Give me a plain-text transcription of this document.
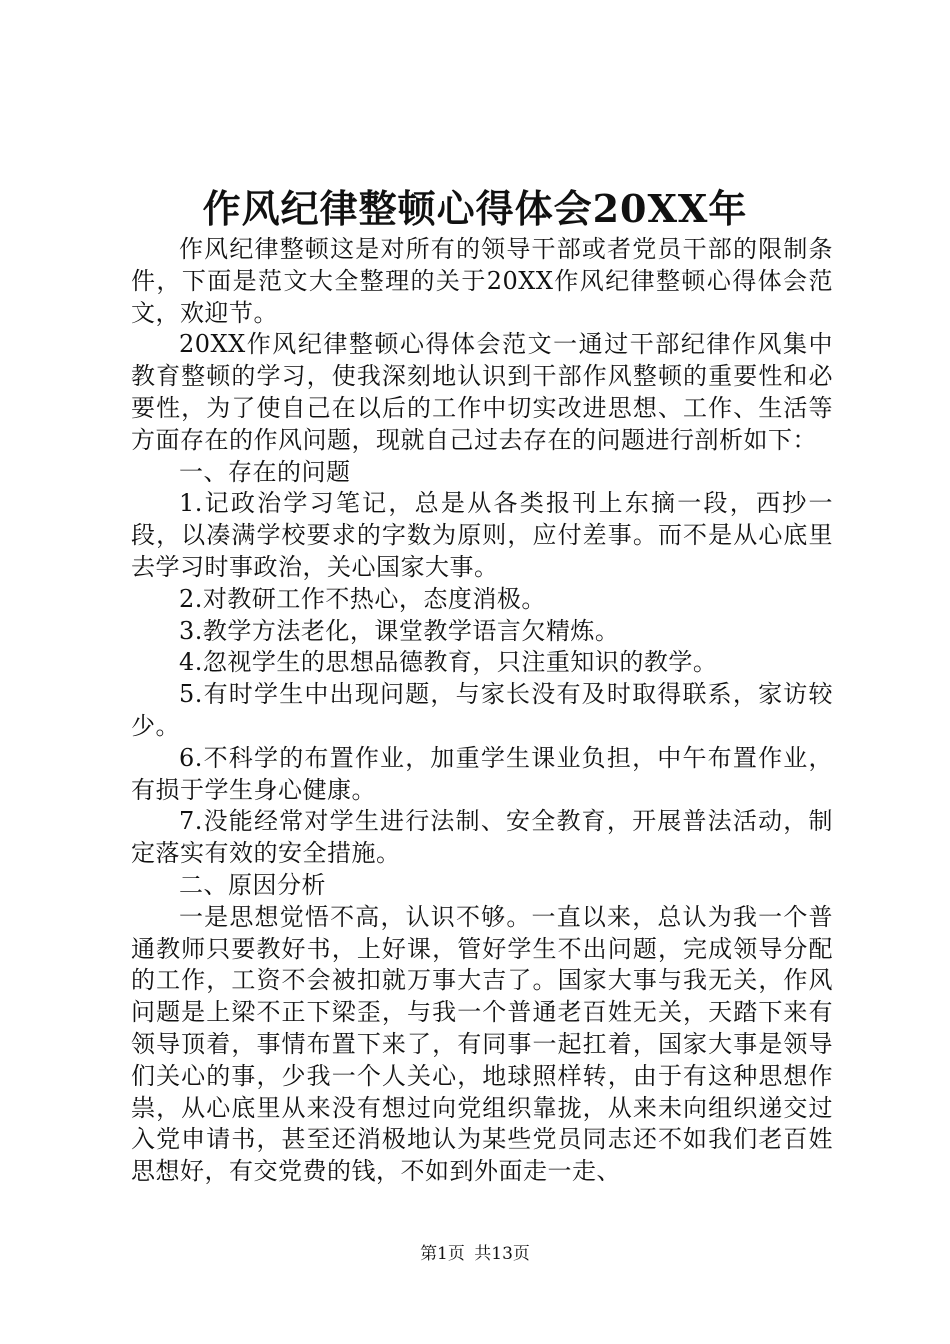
作风纪律整顿心得体会20XX年

作风纪律整顿这是对所有的领导干部或者党员干部的限制条件，下面是范文大全整理的关于20XX作风纪律整顿心得体会范文，欢迎节。

20XX作风纪律整顿心得体会范文一通过干部纪律作风集中教育整顿的学习，使我深刻地认识到干部作风整顿的重要性和必要性，为了使自己在以后的工作中切实改进思想、工作、生活等方面存在的作风问题，现就自己过去存在的问题进行剖析如下：

一、存在的问题

1.记政治学习笔记，总是从各类报刊上东摘一段，西抄一段，以凑满学校要求的字数为原则，应付差事。而不是从心底里去学习时事政治，关心国家大事。

2.对教研工作不热心，态度消极。

3.教学方法老化，课堂教学语言欠精炼。

4.忽视学生的思想品德教育，只注重知识的教学。

5.有时学生中出现问题，与家长没有及时取得联系，家访较少。

6.不科学的布置作业，加重学生课业负担，中午布置作业，有损于学生身心健康。

7.没能经常对学生进行法制、安全教育，开展普法活动，制定落实有效的安全措施。

二、原因分析

一是思想觉悟不高，认识不够。一直以来，总认为我一个普通教师只要教好书，上好课，管好学生不出问题，完成领导分配的工作，工资不会被扣就万事大吉了。国家大事与我无关，作风问题是上梁不正下梁歪，与我一个普通老百姓无关，天踏下来有领导顶着，事情布置下来了，有同事一起扛着，国家大事是领导们关心的事，少我一个人关心，地球照样转，由于有这种思想作祟，从心底里从来没有想过向党组织靠拢，从来未向组织递交过入党申请书，甚至还消极地认为某些党员同志还不如我们老百姓思想好，有交党费的钱，不如到外面走一走、

第1页 共13页
